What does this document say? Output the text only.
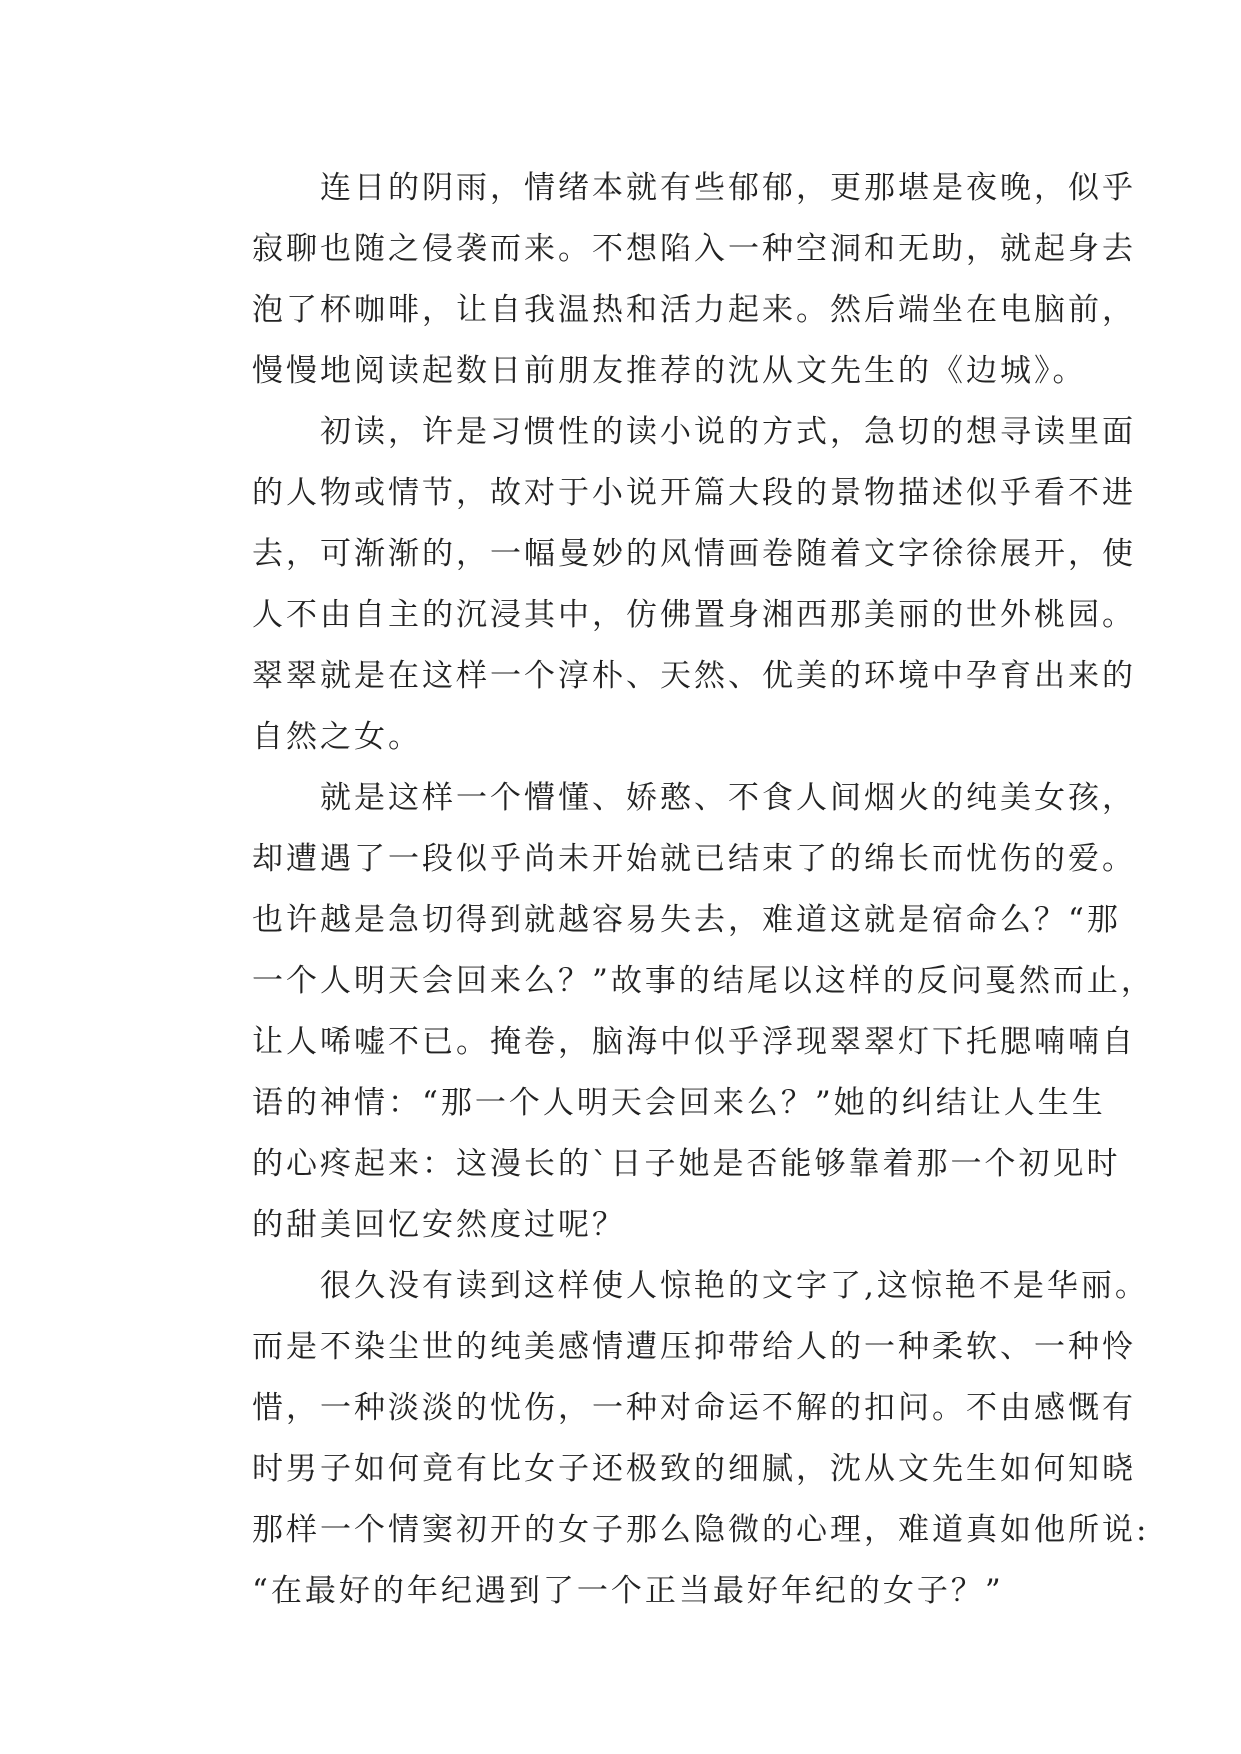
连日的阴雨，情绪本就有些郁郁，更那堪是夜晚，似乎
寂聊也随之侵袭而来。不想陷入一种空洞和无助，就起身去
泡了杯咖啡，让自我温热和活力起来。然后端坐在电脑前，
慢慢地阅读起数日前朋友推荐的沈从文先生的《边城》。
初读，许是习惯性的读小说的方式，急切的想寻读里面
的人物或情节，故对于小说开篇大段的景物描述似乎看不进
去，可渐渐的，一幅曼妙的风情画卷随着文字徐徐展开，使
人不由自主的沉浸其中，仿佛置身湘西那美丽的世外桃园。
翠翠就是在这样一个淳朴、天然、优美的环境中孕育出来的
自然之女。
就是这样一个懵懂、娇憨、不食人间烟火的纯美女孩，
却遭遇了一段似乎尚未开始就已结束了的绵长而忧伤的爱。
也许越是急切得到就越容易失去，难道这就是宿命么？“那
一个人明天会回来么？”故事的结尾以这样的反问戛然而止，
让人唏嘘不已。掩卷，脑海中似乎浮现翠翠灯下托腮喃喃自
语的神情：“那一个人明天会回来么？”她的纠结让人生生
的心疼起来：这漫长的`日子她是否能够靠着那一个初见时
的甜美回忆安然度过呢？
很久没有读到这样使人惊艳的文字了,这惊艳不是华丽。
而是不染尘世的纯美感情遭压抑带给人的一种柔软、一种怜
惜，一种淡淡的忧伤，一种对命运不解的扣问。不由感慨有
时男子如何竟有比女子还极致的细腻，沈从文先生如何知晓
那样一个情窦初开的女子那么隐微的心理，难道真如他所说:
“在最好的年纪遇到了一个正当最好年纪的女子？”
